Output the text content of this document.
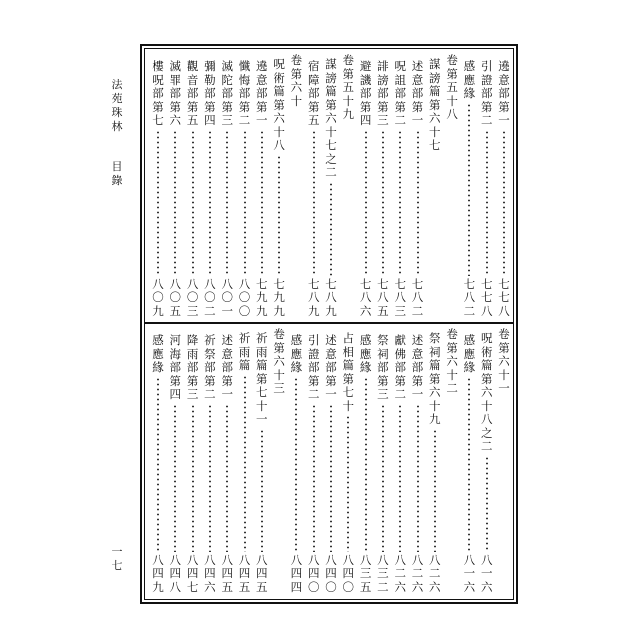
法
苑
珠
林
目
錄
一
七
遶
意
部
第
一
七
七
八
引
證
部
第
二
七
七
八
感
應
緣
七
八
二
卷
第
五
十
八
謀
謗
篇
第
六
十
七
述
意
部
第
一
七
八
二
呪
詛
部
第
二
七
八
三
誹
謗
部
第
三
七
八
五
避
譏
部
第
四
七
八
六
卷
第
五
十
九
謀
謗
篇
第
六
十
七
之
二
七
八
九
宿
障
部
第
五
七
八
九
卷
第
六
十
呪
術
篇
第
六
十
八
七
九
九
遶
意
部
第
一
七
九
九
懺
悔
部
第
二
八
〇
〇
滅
陀
部
第
三
八
〇
一
彌
勒
部
第
四
八
〇
二
觀
音
部
第
五
八
〇
三
滅
罪
部
第
六
八
〇
五
樓
呪
部
第
七
八
〇
九
卷
第
六
十
一
呪
術
篇
第
六
十
八
之
二
八
一
六
感
應
緣
八
一
六
卷
第
六
十
二
祭
祠
篇
第
六
十
九
八
二
六
述
意
部
第
一
八
二
六
獻
佛
部
第
二
八
二
六
祭
祠
部
第
三
八
三
二
感
應
緣
八
三
五
占
相
篇
第
七
十
八
四
〇
述
意
部
第
一
八
四
〇
引
證
部
第
二
八
四
〇
感
應
緣
八
四
四
卷
第
六
十
三
祈
雨
篇
第
七
十
一
八
四
五
祈
雨
篇
八
四
五
述
意
部
第
一
八
四
五
祈
祭
部
第
二
八
四
六
降
雨
部
第
三
八
四
七
河
海
部
第
四
八
四
八
感
應
緣
八
四
九
